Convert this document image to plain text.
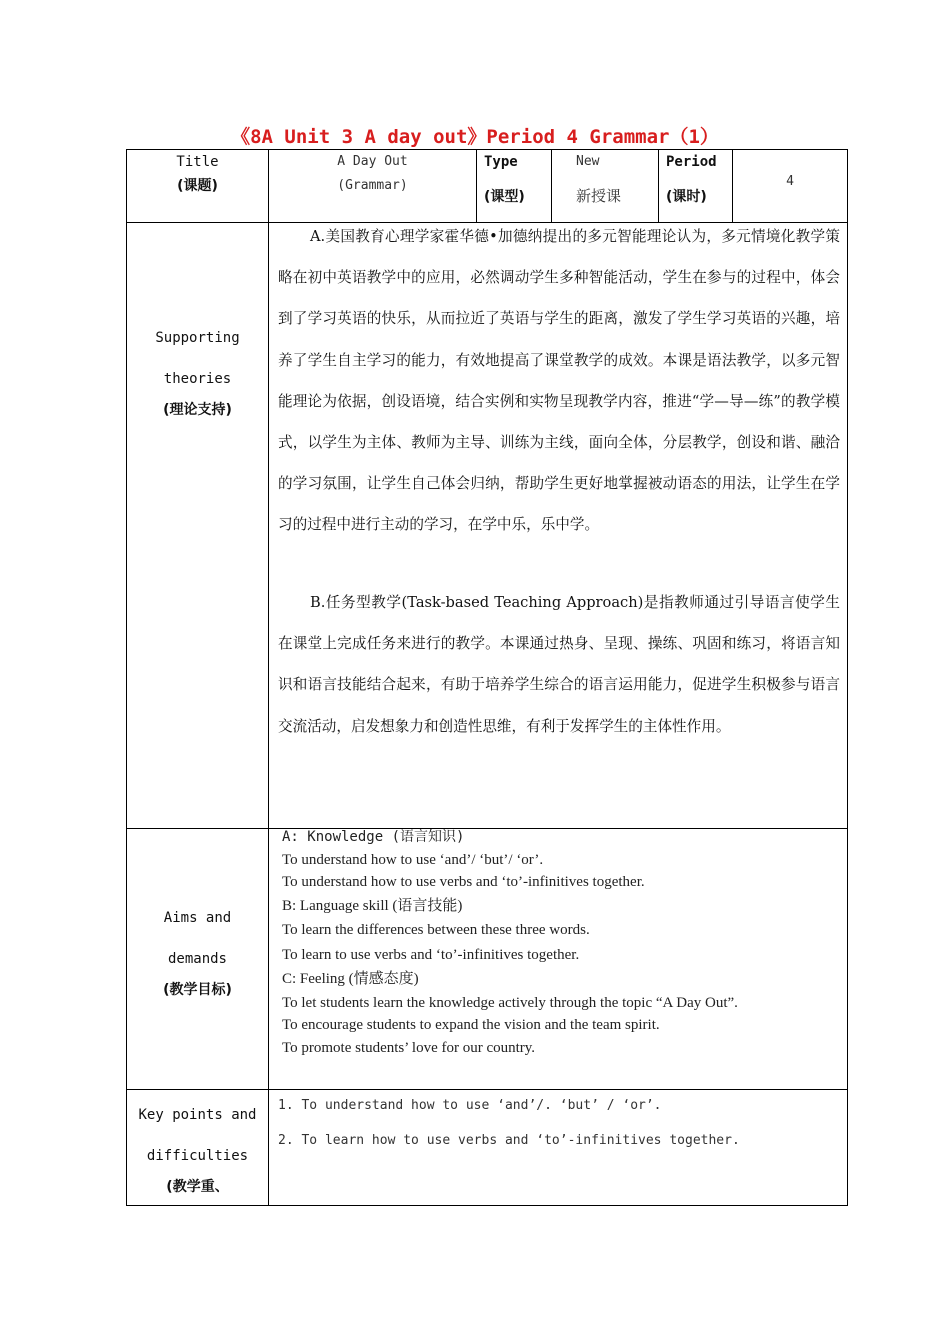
《8A Unit 3 A day out》Period 4 Grammar（1）
Title
(课题)
A Day Out
(Grammar)
Type
(课型)
New
新授课
Period
(课时)
4
Supporting
theories
(理论支持)
A.美国教育心理学家霍华德•加德纳提出的多元智能理论认为，多元情境化教学策略在初中英语教学中的应用，必然调动学生多种智能活动，学生在参与的过程中，体会到了学习英语的快乐，从而拉近了英语与学生的距离，激发了学生学习英语的兴趣，培养了学生自主学习的能力，有效地提高了课堂教学的成效。本课是语法教学，以多元智能理论为依据，创设语境，结合实例和实物呈现教学内容，推进“学—导—练”的教学模式，以学生为主体、教师为主导、训练为主线，面向全体，分层教学，创设和谐、融洽的学习氛围，让学生自己体会归纳，帮助学生更好地掌握被动语态的用法，让学生在学习的过程中进行主动的学习，在学中乐，乐中学。
B.任务型教学(Task-based Teaching Approach)是指教师通过引导语言使学生在课堂上完成任务来进行的教学。本课通过热身、呈现、操练、巩固和练习，将语言知识和语言技能结合起来，有助于培养学生综合的语言运用能力，促进学生积极参与语言交流活动，启发想象力和创造性思维，有利于发挥学生的主体性作用。
Aims and
demands
(教学目标)
A: Knowledge (语言知识)
To understand how to use ‘and’/ ‘but’/ ‘or’.
To understand how to use verbs and ‘to’-infinitives together.
B: Language skill (语言技能)
To learn the differences between these three words.
To learn to use verbs and ‘to’-infinitives together.
C: Feeling (情感态度)
To let students learn the knowledge actively through the topic “A Day Out”.
To encourage students to expand the vision and the team spirit.
To promote students’ love for our country.
Key points and
difficulties
(教学重、
1. To understand how to use ‘and’/. ‘but’ / ‘or’.
2. To learn how to use verbs and ‘to’-infinitives together.
